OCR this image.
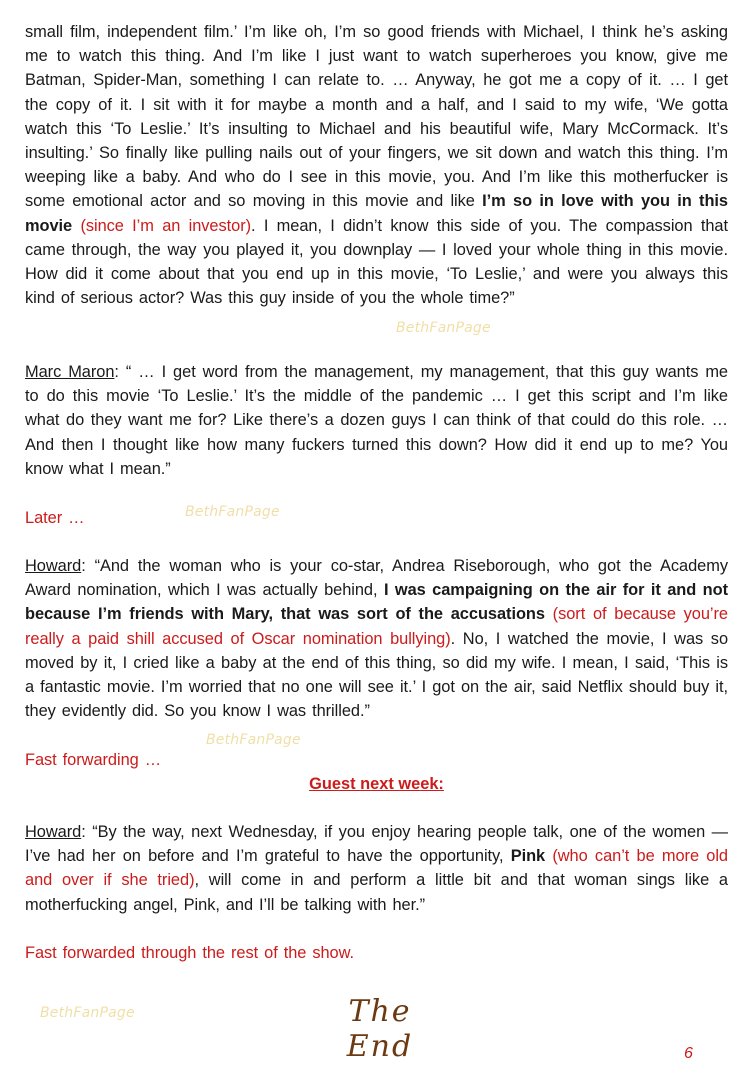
small film, independent film.’ I’m like oh, I’m so good friends with Michael, I think he’s asking me to watch this thing. And I’m like I just want to watch superheroes you know, give me Batman, Spider-Man, something I can relate to. … Anyway, he got me a copy of it. … I get the copy of it. I sit with it for maybe a month and a half, and I said to my wife, ‘We gotta watch this ‘To Leslie.’ It’s insulting to Michael and his beautiful wife, Mary McCormack. It’s insulting.’ So finally like pulling nails out of your fingers, we sit down and watch this thing. I’m weeping like a baby. And who do I see in this movie, you. And I’m like this motherfucker is some emotional actor and so moving in this movie and like I’m so in love with you in this movie (since I’m an investor). I mean, I didn’t know this side of you. The compassion that came through, the way you played it, you downplay — I loved your whole thing in this movie. How did it come about that you end up in this movie, ‘To Leslie,’ and were you always this kind of serious actor? Was this guy inside of you the whole time?”
BethFanPage
Marc Maron: “ … I get word from the management, my management, that this guy wants me to do this movie ‘To Leslie.’ It’s the middle of the pandemic … I get this script and I’m like what do they want me for? Like there’s a dozen guys I can think of that could do this role. … And then I thought like how many fuckers turned this down? How did it end up to me? You know what I mean.”
Later …	BethFanPage
Howard: “And the woman who is your co-star, Andrea Riseborough, who got the Academy Award nomination, which I was actually behind, I was campaigning on the air for it and not because I’m friends with Mary, that was sort of the accusations (sort of because you’re really a paid shill accused of Oscar nomination bullying). No, I watched the movie, I was so moved by it, I cried like a baby at the end of this thing, so did my wife. I mean, I said, ‘This is a fantastic movie. I’m worried that no one will see it.’ I got on the air, said Netflix should buy it, they evidently did. So you know I was thrilled.”
BethFanPage
Fast forwarding …
Guest next week:
Howard: “By the way, next Wednesday, if you enjoy hearing people talk, one of the women — I’ve had her on before and I’m grateful to have the opportunity, Pink (who can’t be more old and over if she tried), will come in and perform a little bit and that woman sings like a motherfucking angel, Pink, and I’ll be talking with her.”
Fast forwarded through the rest of the show.
BethFanPage	The End	6
